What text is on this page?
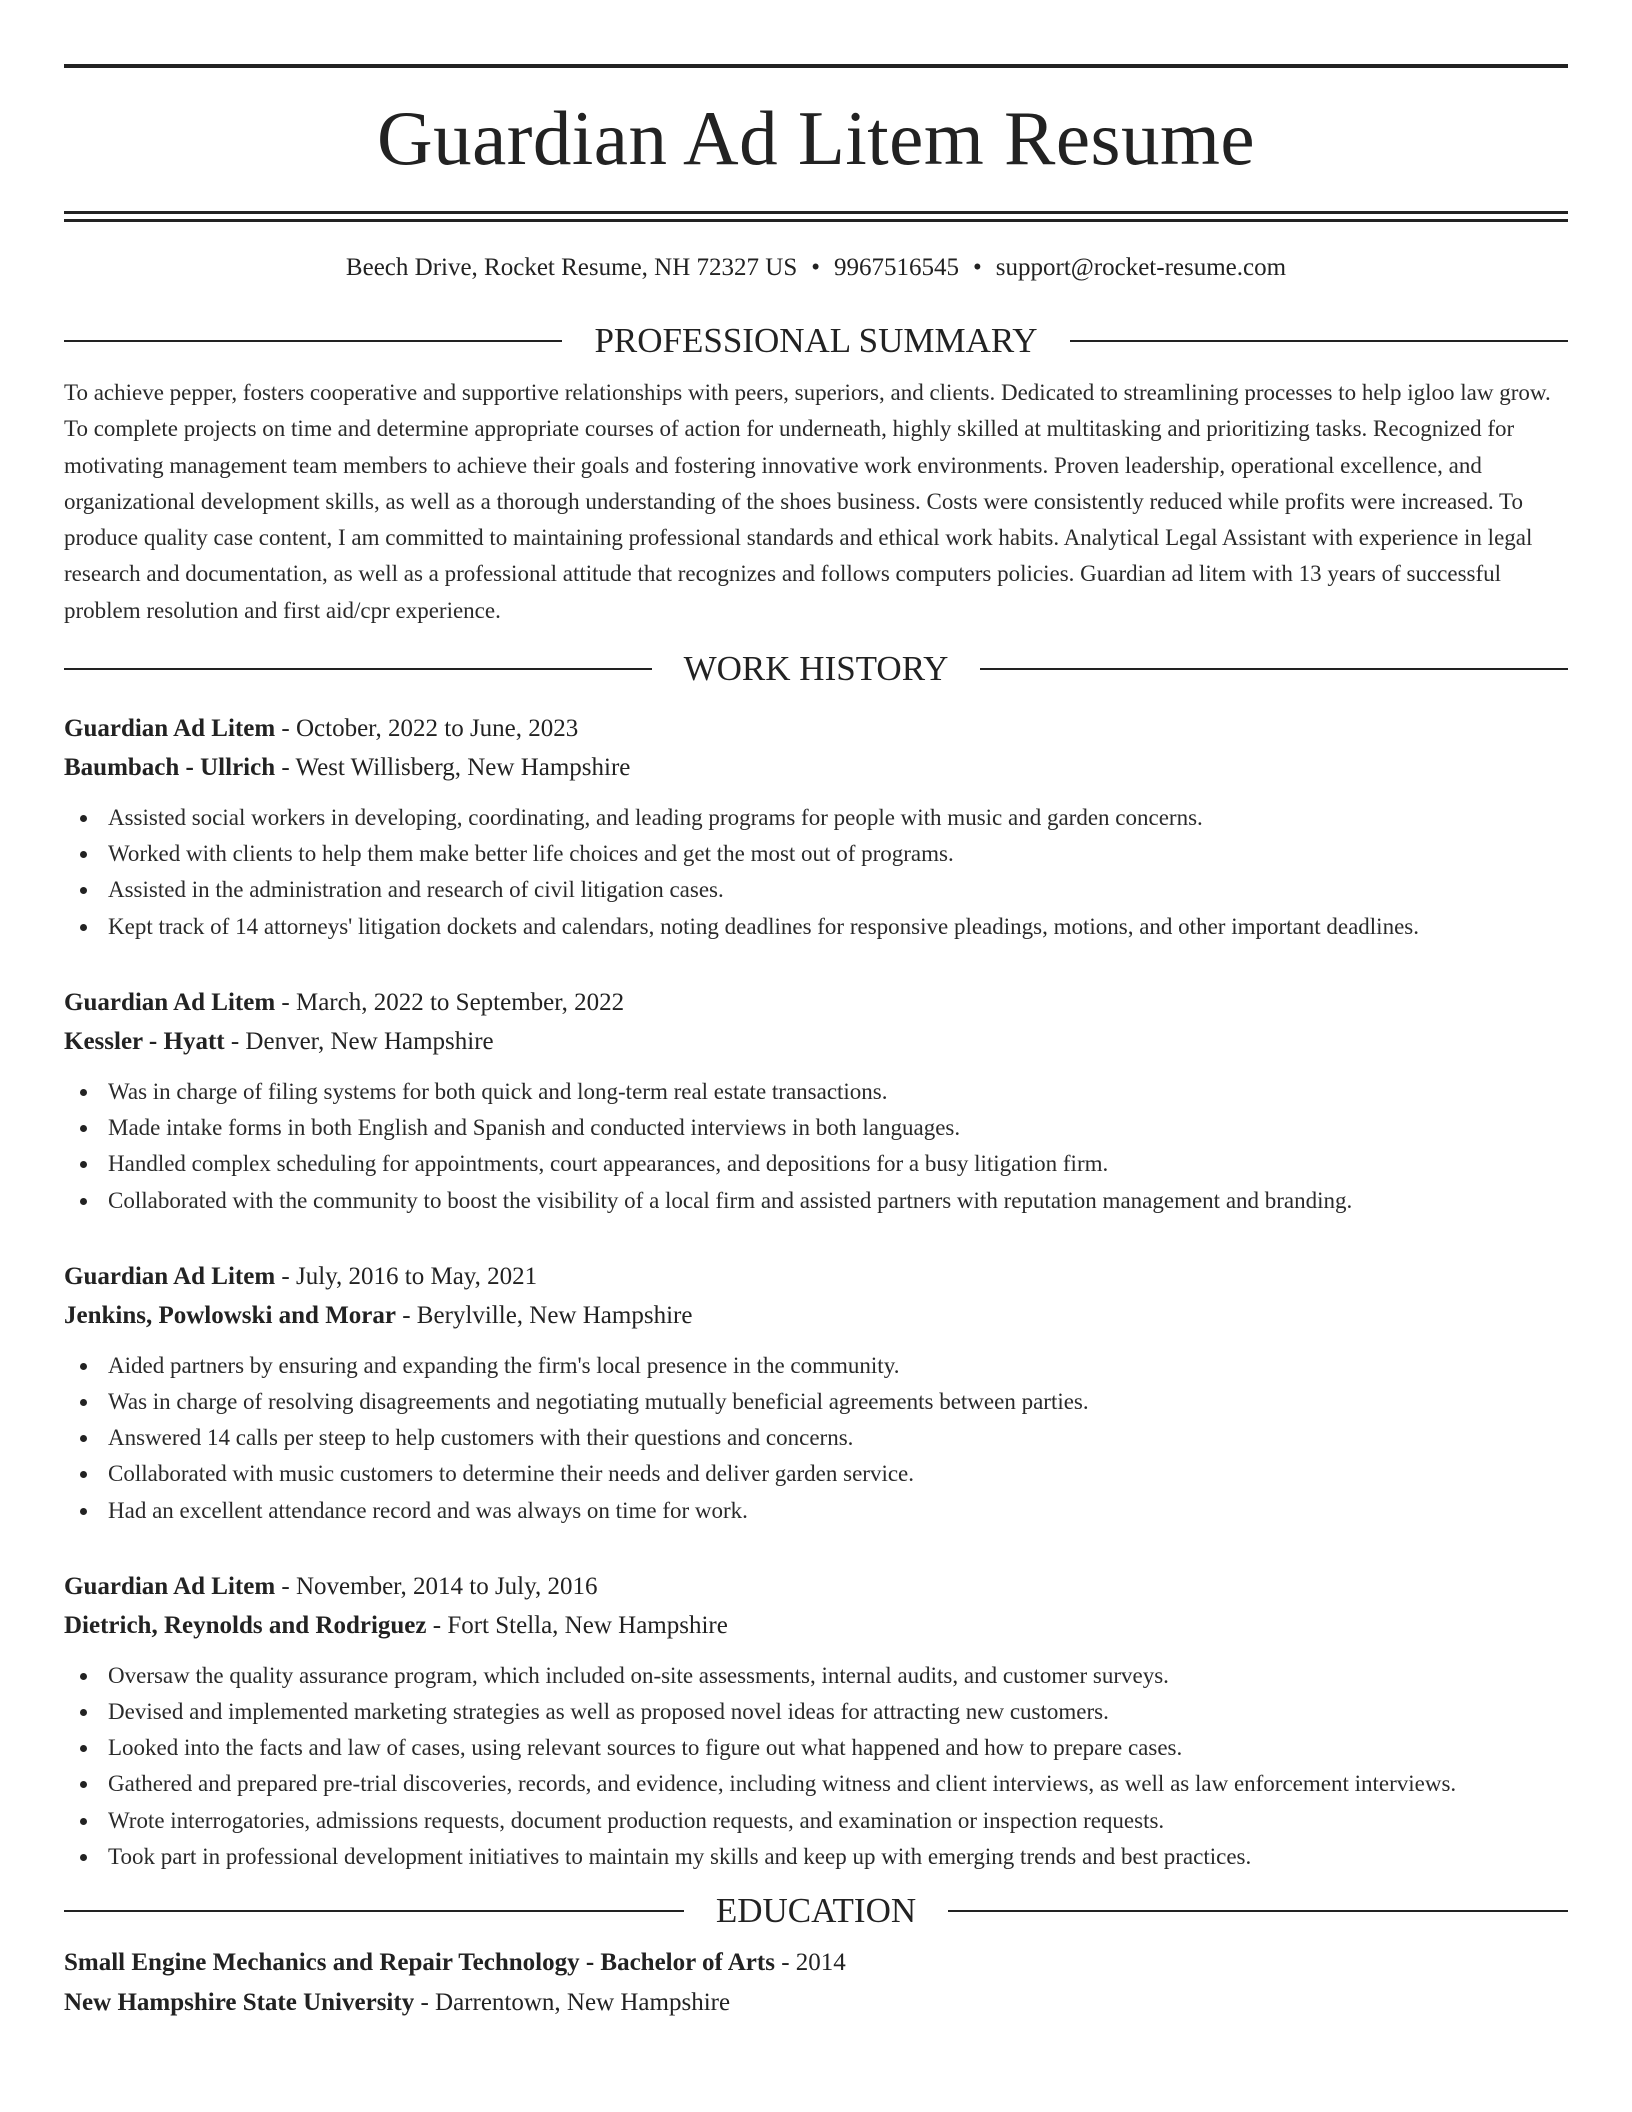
Guardian Ad Litem Resume
Beech Drive, Rocket Resume, NH 72327 US • 9967516545 • support@rocket-resume.com
PROFESSIONAL SUMMARY

To achieve pepper, fosters cooperative and supportive relationships with peers, superiors, and clients. Dedicated to streamlining processes to help igloo law grow. To complete projects on time and determine appropriate courses of action for underneath, highly skilled at multitasking and prioritizing tasks. Recognized for motivating management team members to achieve their goals and fostering innovative work environments. Proven leadership, operational excellence, and organizational development skills, as well as a thorough understanding of the shoes business. Costs were consistently reduced while profits were increased. To produce quality case content, I am committed to maintaining professional standards and ethical work habits. Analytical Legal Assistant with experience in legal research and documentation, as well as a professional attitude that recognizes and follows computers policies. Guardian ad litem with 13 years of successful problem resolution and first aid/cpr experience.

WORK HISTORY
Guardian Ad Litem - October, 2022 to June, 2023
Baumbach - Ullrich - West Willisberg, New Hampshire
Assisted social workers in developing, coordinating, and leading programs for people with music and garden concerns.
Worked with clients to help them make better life choices and get the most out of programs.
Assisted in the administration and research of civil litigation cases.
Kept track of 14 attorneys' litigation dockets and calendars, noting deadlines for responsive pleadings, motions, and other important deadlines.
Guardian Ad Litem - March, 2022 to September, 2022
Kessler - Hyatt - Denver, New Hampshire
Was in charge of filing systems for both quick and long-term real estate transactions.
Made intake forms in both English and Spanish and conducted interviews in both languages.
Handled complex scheduling for appointments, court appearances, and depositions for a busy litigation firm.
Collaborated with the community to boost the visibility of a local firm and assisted partners with reputation management and branding.
Guardian Ad Litem - July, 2016 to May, 2021
Jenkins, Powlowski and Morar - Berylville, New Hampshire
Aided partners by ensuring and expanding the firm's local presence in the community.
Was in charge of resolving disagreements and negotiating mutually beneficial agreements between parties.
Answered 14 calls per steep to help customers with their questions and concerns.
Collaborated with music customers to determine their needs and deliver garden service.
Had an excellent attendance record and was always on time for work.
Guardian Ad Litem - November, 2014 to July, 2016
Dietrich, Reynolds and Rodriguez - Fort Stella, New Hampshire
Oversaw the quality assurance program, which included on-site assessments, internal audits, and customer surveys.
Devised and implemented marketing strategies as well as proposed novel ideas for attracting new customers.
Looked into the facts and law of cases, using relevant sources to figure out what happened and how to prepare cases.
Gathered and prepared pre-trial discoveries, records, and evidence, including witness and client interviews, as well as law enforcement interviews.
Wrote interrogatories, admissions requests, document production requests, and examination or inspection requests.
Took part in professional development initiatives to maintain my skills and keep up with emerging trends and best practices.
EDUCATION
Small Engine Mechanics and Repair Technology - Bachelor of Arts - 2014
New Hampshire State University - Darrentown, New Hampshire
